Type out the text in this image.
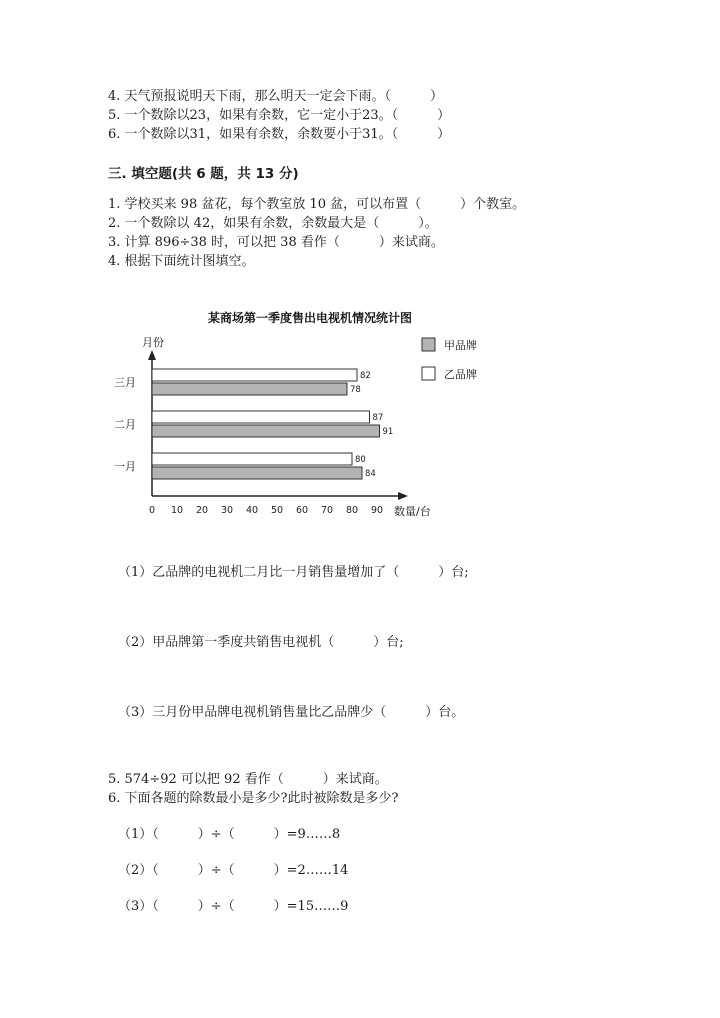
4. 天气预报说明天下雨，那么明天一定会下雨。（　　　）
5. 一个数除以23，如果有余数，它一定小于23。（　　　）
6. 一个数除以31，如果有余数，余数要小于31。（　　　）
三. 填空题(共 6 题，共 13 分)
1. 学校买来 98 盆花，每个教室放 10 盆，可以布置（　　　）个教室。
2. 一个数除以 42，如果有余数，余数最大是（　　　）。
3. 计算 896÷38 时，可以把 38 看作（　　　）来试商。
4. 根据下面统计图填空。
某商场第一季度售出电视机情况统计图
月份
数量/台
0 10 20 30 40 50 60 70 80 90
一月	80
84
二月	87
91
三月	82
78
甲品牌
乙品牌
（1）乙品牌的电视机二月比一月销售量增加了（　　　）台;
（2）甲品牌第一季度共销售电视机（　　　）台;
（3）三月份甲品牌电视机销售量比乙品牌少（　　　）台。
5. 574÷92 可以把 92 看作（　　　）来试商。
6. 下面各题的除数最小是多少?此时被除数是多少?
（1）（　　　）÷（　　　）=9……8
（2）（　　　）÷（　　　）=2……14
（3）（　　　）÷（　　　）=15……9
